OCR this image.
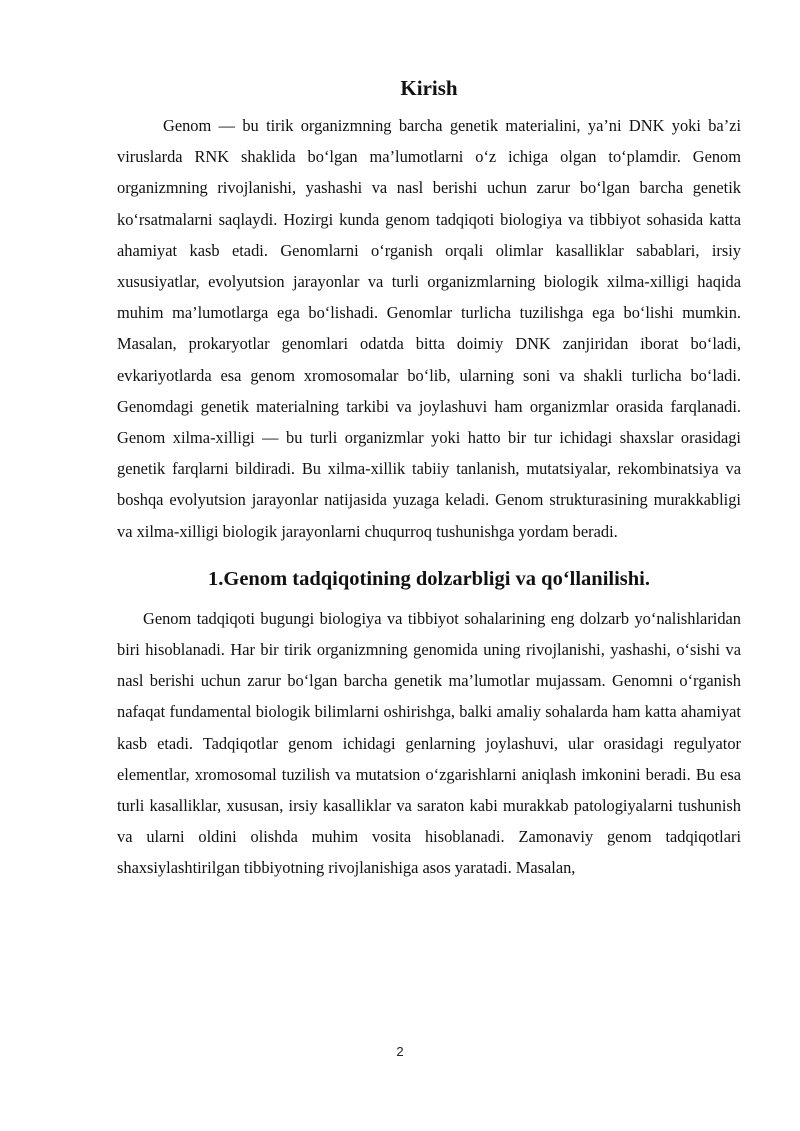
Kirish

Genom — bu tirik organizmning barcha genetik materialini, ya’ni DNK yoki ba’zi viruslarda RNK shaklida bo‘lgan ma’lumotlarni o‘z ichiga olgan to‘plamdir. Genom organizmning rivojlanishi, yashashi va nasl berishi uchun zarur bo‘lgan barcha genetik ko‘rsatmalarni saqlaydi. Hozirgi kunda genom tadqiqoti biologiya va tibbiyot sohasida katta ahamiyat kasb etadi. Genomlarni o‘rganish orqali olimlar kasalliklar sabablari, irsiy xususiyatlar, evolyutsion jarayonlar va turli organizmlarning biologik xilma-xilligi haqida muhim ma’lumotlarga ega bo‘lishadi. Genomlar turlicha tuzilishga ega bo‘lishi mumkin. Masalan, prokaryotlar genomlari odatda bitta doimiy DNK zanjiridan iborat bo‘ladi, evkariyotlarda esa genom xromosomalar bo‘lib, ularning soni va shakli turlicha bo‘ladi. Genomdagi genetik materialning tarkibi va joylashuvi ham organizmlar orasida farqlanadi. Genom xilma-xilligi — bu turli organizmlar yoki hatto bir tur ichidagi shaxslar orasidagi genetik farqlarni bildiradi. Bu xilma-xillik tabiiy tanlanish, mutatsiyalar, rekombinatsiya va boshqa evolyutsion jarayonlar natijasida yuzaga keladi. Genom strukturasining murakkabligi va xilma-xilligi biologik jarayonlarni chuqurroq tushunishga yordam beradi.

1.Genom tadqiqotining dolzarbligi va qo‘llanilishi.

Genom tadqiqoti bugungi biologiya va tibbiyot sohalarining eng dolzarb yo‘nalishlaridan biri hisoblanadi. Har bir tirik organizmning genomida uning rivojlanishi, yashashi, o‘sishi va nasl berishi uchun zarur bo‘lgan barcha genetik ma’lumotlar mujassam. Genomni o‘rganish nafaqat fundamental biologik bilimlarni oshirishga, balki amaliy sohalarda ham katta ahamiyat kasb etadi. Tadqiqotlar genom ichidagi genlarning joylashuvi, ular orasidagi regulyator elementlar, xromosomal tuzilish va mutatsion o‘zgarishlarni aniqlash imkonini beradi. Bu esa turli kasalliklar, xususan, irsiy kasalliklar va saraton kabi murakkab patologiyalarni tushunish va ularni oldini olishda muhim vosita hisoblanadi. Zamonaviy genom tadqiqotlari shaxsiylashtirilgan tibbiyotning rivojlanishiga asos yaratadi. Masalan,

2
